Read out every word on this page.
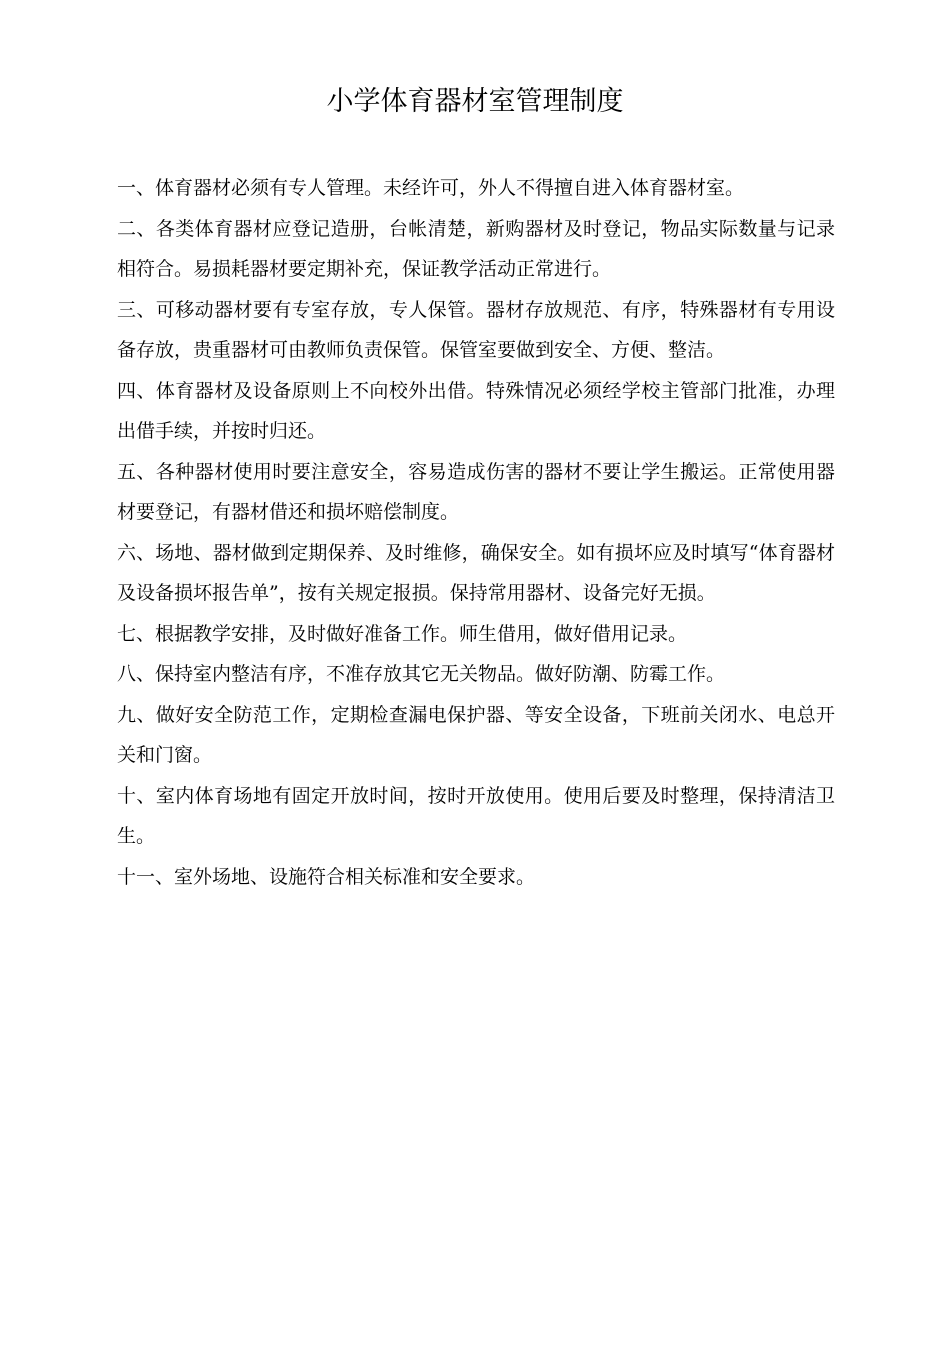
小学体育器材室管理制度

一、体育器材必须有专人管理。未经许可，外人不得擅自进入体育器材室。

二、各类体育器材应登记造册，台帐清楚，新购器材及时登记，物品实际数量与记录相符合。易损耗器材要定期补充，保证教学活动正常进行。

三、可移动器材要有专室存放，专人保管。器材存放规范、有序，特殊器材有专用设备存放，贵重器材可由教师负责保管。保管室要做到安全、方便、整洁。

四、体育器材及设备原则上不向校外出借。特殊情况必须经学校主管部门批准，办理出借手续，并按时归还。

五、各种器材使用时要注意安全，容易造成伤害的器材不要让学生搬运。正常使用器材要登记，有器材借还和损坏赔偿制度。

六、场地、器材做到定期保养、及时维修，确保安全。如有损坏应及时填写“体育器材及设备损坏报告单”，按有关规定报损。保持常用器材、设备完好无损。

七、根据教学安排，及时做好准备工作。师生借用，做好借用记录。

八、保持室内整洁有序，不准存放其它无关物品。做好防潮、防霉工作。

九、做好安全防范工作，定期检查漏电保护器、等安全设备，下班前关闭水、电总开关和门窗。

十、室内体育场地有固定开放时间，按时开放使用。使用后要及时整理，保持清洁卫生。

十一、室外场地、设施符合相关标准和安全要求。
